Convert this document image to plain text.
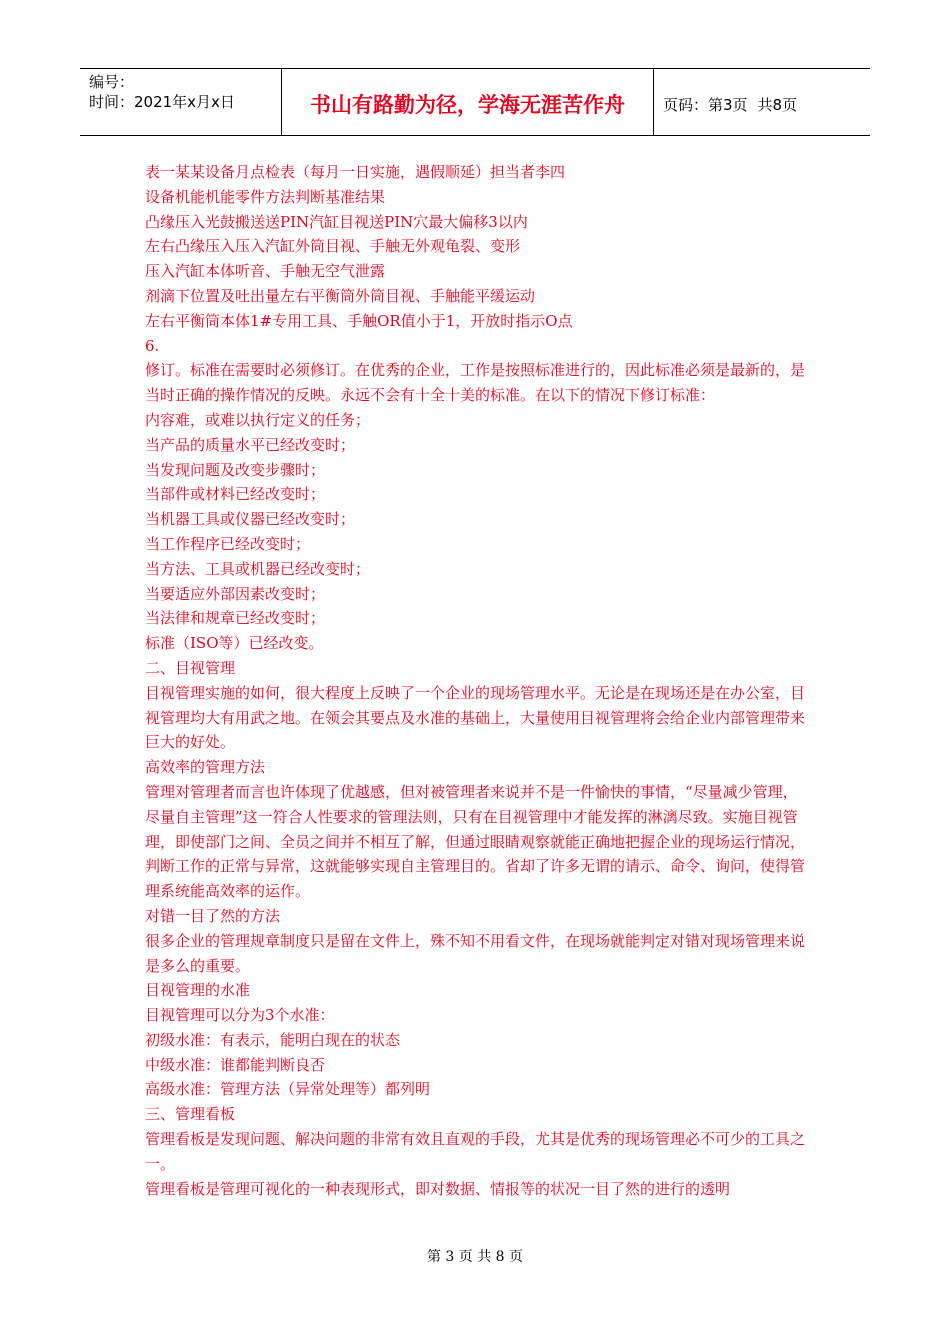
编号：
时间：2021年x月x日	书山有路勤为径，学海无涯苦作舟	页码：第3页 共8页

表一某某设备月点检表（每月一日实施，遇假顺延）担当者李四

设备机能机能零件方法判断基准结果

凸缘压入光鼓搬送送PIN汽缸目视送PIN穴最大偏移3以内

左右凸缘压入压入汽缸外筒目视、手触无外观龟裂、变形

压入汽缸本体听音、手触无空气泄露

剂滴下位置及吐出量左右平衡筒外筒目视、手触能平缓运动

左右平衡筒本体1#专用工具、手触OR值小于1，开放时指示O点

6.

修订。标准在需要时必须修订。在优秀的企业，工作是按照标准进行的，因此标准必须是最新的，是当时正确的操作情况的反映。永远不会有十全十美的标准。在以下的情况下修订标准：

内容难，或难以执行定义的任务；

当产品的质量水平已经改变时；

当发现问题及改变步骤时；

当部件或材料已经改变时；

当机器工具或仪器已经改变时；

当工作程序已经改变时；

当方法、工具或机器已经改变时；

当要适应外部因素改变时；

当法律和规章已经改变时；

标准（ISO等）已经改变。

二、目视管理

目视管理实施的如何，很大程度上反映了一个企业的现场管理水平。无论是在现场还是在办公室，目视管理均大有用武之地。在领会其要点及水准的基础上，大量使用目视管理将会给企业内部管理带来巨大的好处。

高效率的管理方法

管理对管理者而言也许体现了优越感，但对被管理者来说并不是一件愉快的事情，“尽量减少管理，尽量自主管理”这一符合人性要求的管理法则，只有在目视管理中才能发挥的淋漓尽致。实施目视管理，即使部门之间、全员之间并不相互了解，但通过眼睛观察就能正确地把握企业的现场运行情况，判断工作的正常与异常，这就能够实现自主管理目的。省却了许多无谓的请示、命令、询问，使得管理系统能高效率的运作。

对错一目了然的方法

很多企业的管理规章制度只是留在文件上，殊不知不用看文件，在现场就能判定对错对现场管理来说是多么的重要。

目视管理的水准

目视管理可以分为3个水准：

初级水准：有表示，能明白现在的状态

中级水准：谁都能判断良否

高级水准：管理方法（异常处理等）都列明

三、管理看板

管理看板是发现问题、解决问题的非常有效且直观的手段，尤其是优秀的现场管理必不可少的工具之一。

管理看板是管理可视化的一种表现形式，即对数据、情报等的状况一目了然的进行的透明

第 3 页 共 8 页
